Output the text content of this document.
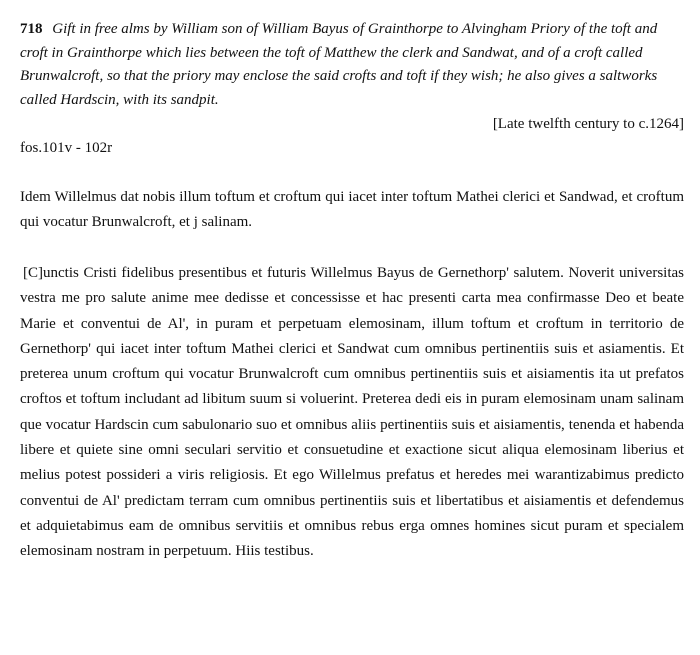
718 Gift in free alms by William son of William Bayus of Grainthorpe to Alvingham Priory of the toft and croft in Grainthorpe which lies between the toft of Matthew the clerk and Sandwat, and of a croft called Brunwalcroft, so that the priory may enclose the said crofts and toft if they wish; he also gives a saltworks called Hardscin, with its sandpit.

[Late twelfth century to c.1264]

fos.101v - 102r

Idem Willelmus dat nobis illum toftum et croftum qui iacet inter toftum Mathei clerici et Sandwad, et croftum qui vocatur Brunwalcroft, et j salinam.

[C]unctis Cristi fidelibus presentibus et futuris Willelmus Bayus de Gernethorp' salutem. Noverit universitas vestra me pro salute anime mee dedisse et concessisse et hac presenti carta mea confirmasse Deo et beate Marie et conventui de Al', in puram et perpetuam elemosinam, illum toftum et croftum in territorio de Gernethorp' qui iacet inter toftum Mathei clerici et Sandwat cum omnibus pertinentiis suis et asiamentis. Et preterea unum croftum qui vocatur Brunwalcroft cum omnibus pertinentiis suis et aisiamentis ita ut prefatos croftos et toftum includant ad libitum suum si voluerint. Preterea dedi eis in puram elemosinam unam salinam que vocatur Hardscin cum sabulonario suo et omnibus aliis pertinentiis suis et aisiamentis, tenenda et habenda libere et quiete sine omni seculari servitio et consuetudine et exactione sicut aliqua elemosinam liberius et melius potest possideri a viris religiosis. Et ego Willelmus prefatus et heredes mei warantizabimus predicto conventui de Al' predictam terram cum omnibus pertinentiis suis et libertatibus et aisiamentis et defendemus et adquietabimus eam de omnibus servitiis et omnibus rebus erga omnes homines sicut puram et specialem elemosinam nostram in perpetuum. Hiis testibus.
